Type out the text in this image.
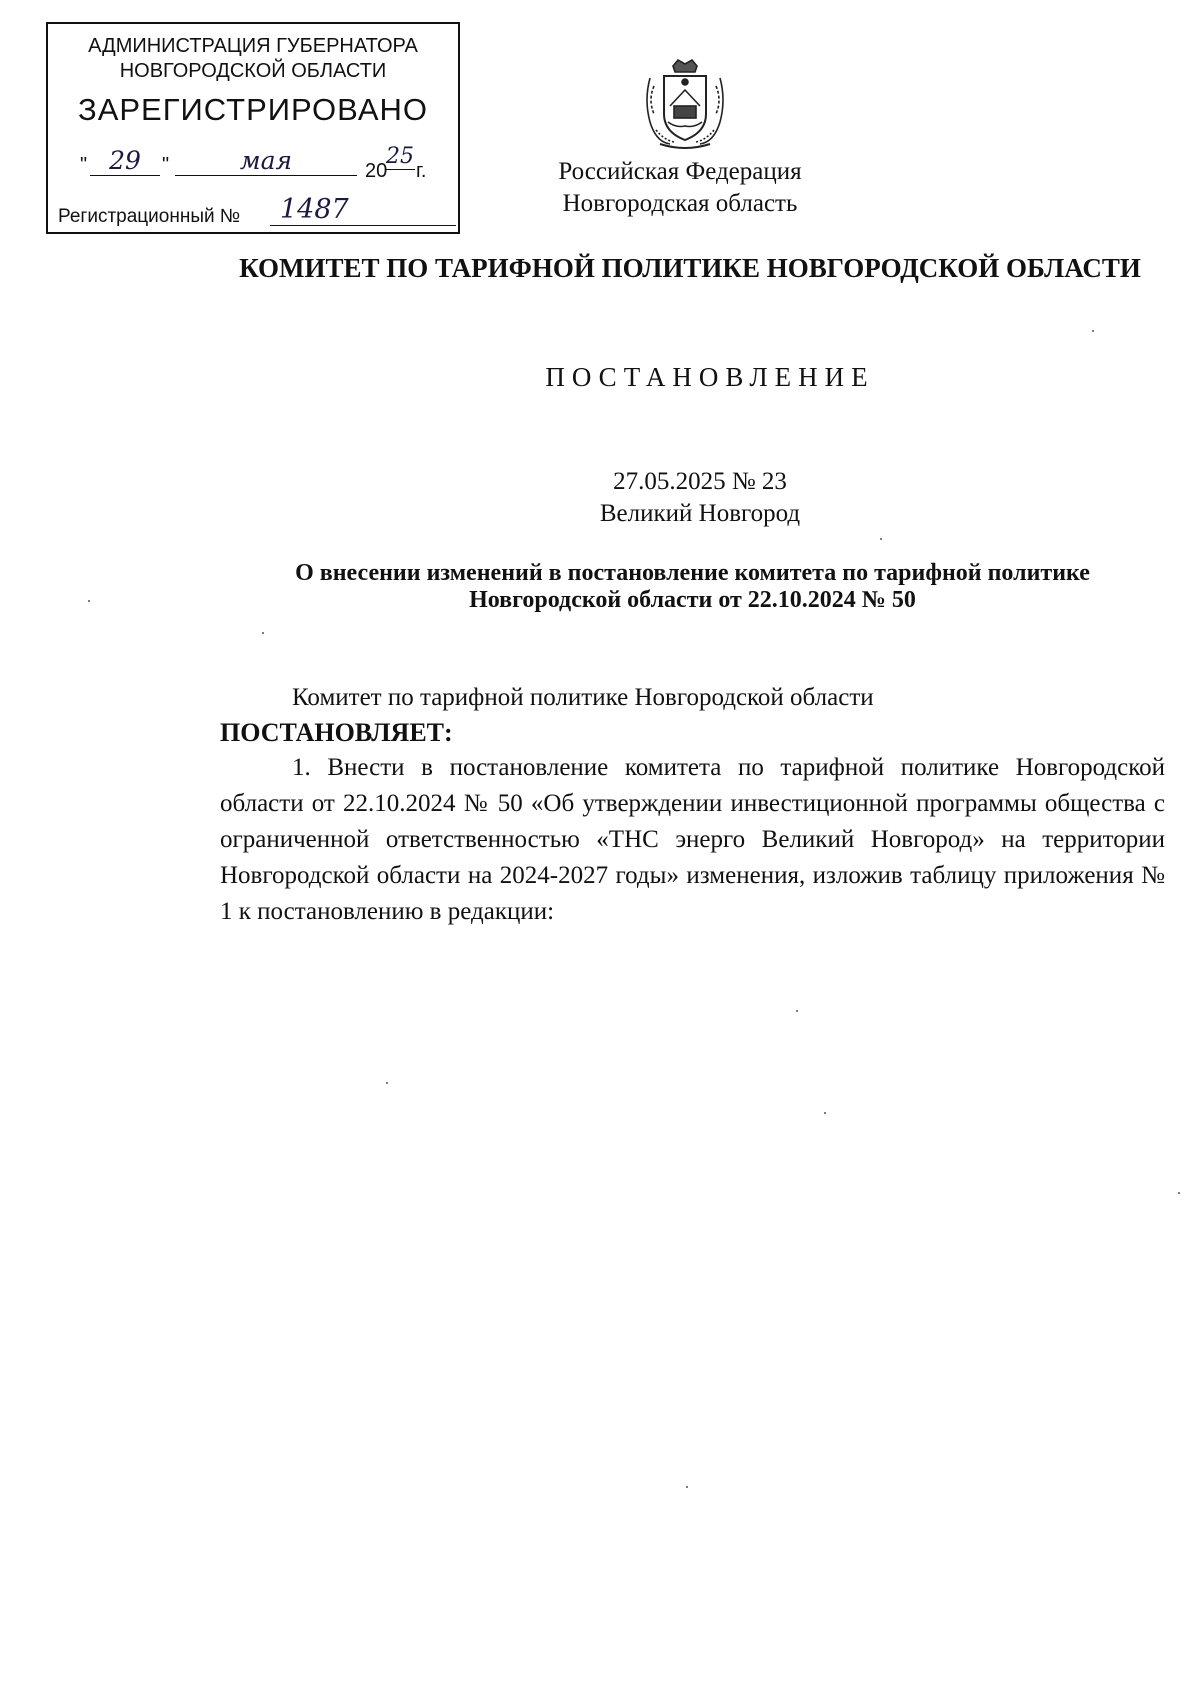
АДМИНИСТРАЦИЯ ГУБЕРНАТОРА
НОВГОРОДСКОЙ ОБЛАСТИ
ЗАРЕГИСТРИРОВАНО
" 29	"	мая	20
25
г.
Регистрационный №	1487
Российская Федерация
Новгородская область
КОМИТЕТ ПО ТАРИФНОЙ ПОЛИТИКЕ НОВГОРОДСКОЙ ОБЛАСТИ
ПОСТАНОВЛЕНИЕ
27.05.2025 № 23
Великий Новгород
О внесении изменений в постановление комитета по тарифной политике Новгородской области от 22.10.2024 № 50
Комитет по тарифной политике Новгородской области
ПОСТАНОВЛЯЕТ:
1. Внести в постановление комитета по тарифной политике Новгородской области от 22.10.2024 № 50 «Об утверждении инвестиционной программы общества с ограниченной ответственностью «ТНС энерго Великий Новгород» на территории Новгородской области на 2024-2027 годы» изменения, изложив таблицу приложения № 1 к постановлению в редакции:
